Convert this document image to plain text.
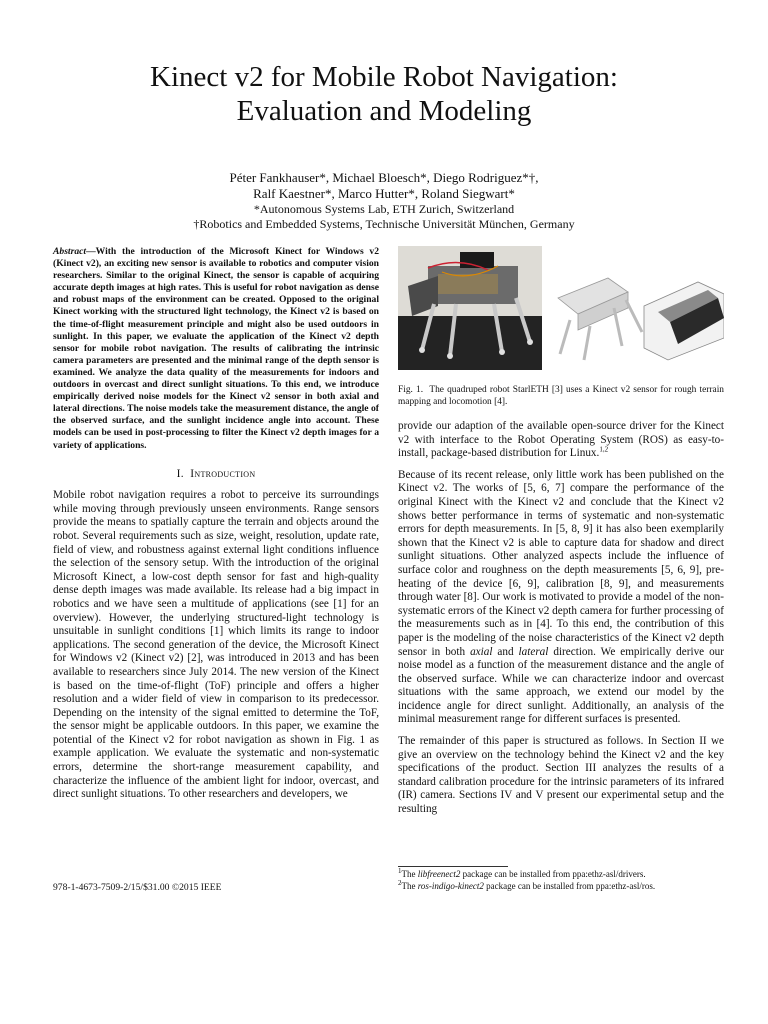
Kinect v2 for Mobile Robot Navigation:
Evaluation and Modeling
Péter Fankhauser*, Michael Bloesch*, Diego Rodriguez*†,
Ralf Kaestner*, Marco Hutter*, Roland Siegwart*
*Autonomous Systems Lab, ETH Zurich, Switzerland
†Robotics and Embedded Systems, Technische Universität München, Germany

Abstract—With the introduction of the Microsoft Kinect for Windows v2 (Kinect v2), an exciting new sensor is available to robotics and computer vision researchers. Similar to the original Kinect, the sensor is capable of acquiring accurate depth images at high rates. This is useful for robot navigation as dense and robust maps of the environment can be created. Opposed to the original Kinect working with the structured light technology, the Kinect v2 is based on the time-of-flight measurement principle and might also be used outdoors in sunlight. In this paper, we evaluate the application of the Kinect v2 depth sensor for mobile robot navigation. The results of calibrating the intrinsic camera parameters are presented and the minimal range of the depth sensor is examined. We analyze the data quality of the measurements for indoors and outdoors in overcast and direct sunlight situations. To this end, we introduce empirically derived noise models for the Kinect v2 sensor in both axial and lateral directions. The noise models take the measurement distance, the angle of the observed surface, and the sunlight incidence angle into account. These models can be used in post-processing to filter the Kinect v2 depth images for a variety of applications.

I. Introduction

Mobile robot navigation requires a robot to perceive its surroundings while moving through previously unseen environments. Range sensors provide the means to spatially capture the terrain and objects around the robot. Several requirements such as size, weight, resolution, update rate, field of view, and robustness against external light conditions influence the selection of the sensory setup. With the introduction of the original Microsoft Kinect, a low-cost depth sensor for fast and high-quality dense depth images was made available. Its release had a big impact in robotics and we have seen a multitude of applications (see [1] for an overview). However, the underlying structured-light technology is unsuitable in sunlight conditions [1] which limits its range to indoor applications. The second generation of the device, the Microsoft Kinect for Windows v2 (Kinect v2) [2], was introduced in 2013 and has been available to researchers since July 2014. The new version of the Kinect is based on the time-of-flight (ToF) principle and offers a higher resolution and a wider field of view in comparison to its predecessor. Depending on the intensity of the signal emitted to determine the ToF, the sensor might be applicable outdoors. In this paper, we examine the potential of the Kinect v2 for robot navigation as shown in Fig. 1 as example application. We evaluate the systematic and non-systematic errors, determine the short-range measurement capability, and characterize the influence of the ambient light for indoor, overcast, and direct sunlight situations. To other researchers and developers, we

Fig. 1. The quadruped robot StarlETH [3] uses a Kinect v2 sensor for rough terrain mapping and locomotion [4].

provide our adaption of the available open-source driver for the Kinect v2 with interface to the Robot Operating System (ROS) as easy-to-install, package-based distribution for Linux.$^{1,2}$

Because of its recent release, only little work has been published on the Kinect v2. The works of [5, 6, 7] compare the performance of the original Kinect with the Kinect v2 and conclude that the Kinect v2 shows better performance in terms of systematic and non-systematic errors for depth measurements. In [5, 8, 9] it has also been exemplarily shown that the Kinect v2 is able to capture data for shadow and direct sunlight situations. Other analyzed aspects include the influence of surface color and roughness on the depth measurements [5, 6, 9], pre-heating of the device [6, 9], calibration [8, 9], and measurements through water [8]. Our work is motivated to provide a model of the non-systematic errors of the Kinect v2 depth camera for further processing of the measurements such as in [4]. To this end, the contribution of this paper is the modeling of the noise characteristics of the Kinect v2 depth sensor in both axial and lateral direction. We empirically derive our noise model as a function of the measurement distance and the angle of the observed surface. While we can characterize indoor and overcast situations with the same approach, we extend our model by the incidence angle for direct sunlight. Additionally, an analysis of the minimal measurement range for different surfaces is presented.

The remainder of this paper is structured as follows. In Section II we give an overview on the technology behind the Kinect v2 and the key specifications of the product. Section III analyzes the results of a standard calibration procedure for the intrinsic parameters of its infrared (IR) camera. Sections IV and V present our experimental setup and the resulting

$^1$The libfreenect2 package can be installed from ppa:ethz-asl/drivers.
$^2$The ros-indigo-kinect2 package can be installed from ppa:ethz-asl/ros.
978-1-4673-7509-2/15/$31.00 ©2015 IEEE
